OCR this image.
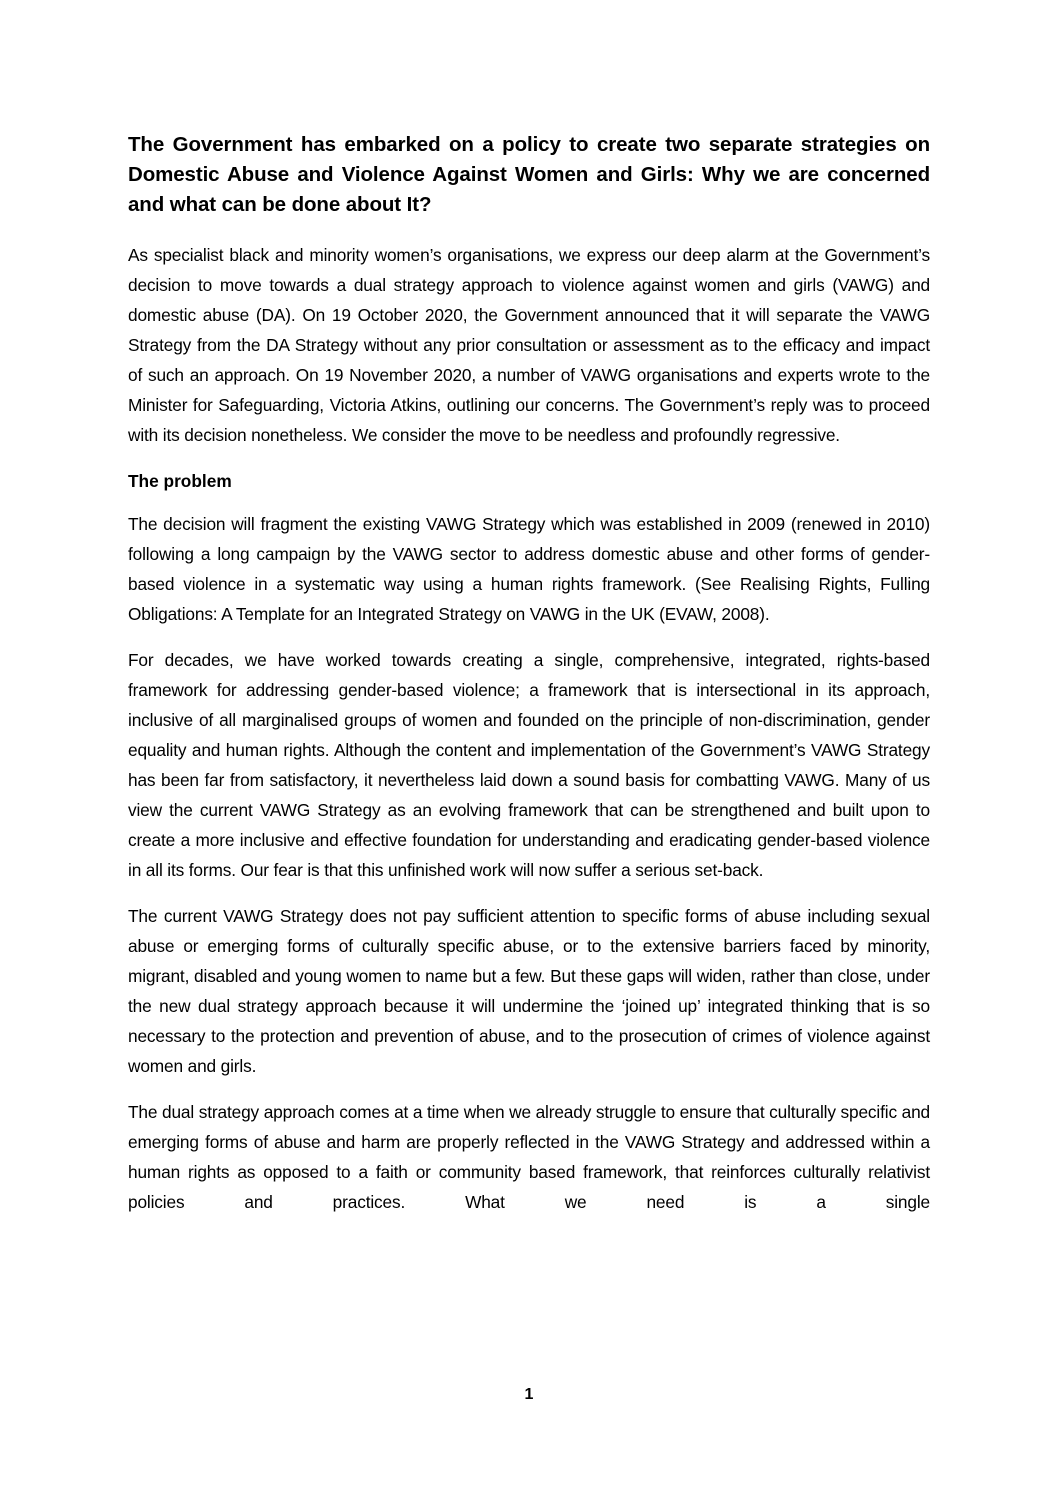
The Government has embarked on a policy to create two separate strategies on Domestic Abuse and Violence Against Women and Girls: Why we are concerned and what can be done about It?

As specialist black and minority women’s organisations, we express our deep alarm at the Government’s decision to move towards a dual strategy approach to violence against women and girls (VAWG) and domestic abuse (DA). On 19 October 2020, the Government announced that it will separate the VAWG Strategy from the DA Strategy without any prior consultation or assessment as to the efficacy and impact of such an approach. On 19 November 2020, a number of VAWG organisations and experts wrote to the Minister for Safeguarding, Victoria Atkins, outlining our concerns. The Government’s reply was to proceed with its decision nonetheless. We consider the move to be needless and profoundly regressive.

The problem

The decision will fragment the existing VAWG Strategy which was established in 2009 (renewed in 2010) following a long campaign by the VAWG sector to address domestic abuse and other forms of gender-based violence in a systematic way using a human rights framework. (See Realising Rights, Fulling Obligations: A Template for an Integrated Strategy on VAWG in the UK (EVAW, 2008).

For decades, we have worked towards creating a single, comprehensive, integrated, rights-based framework for addressing gender-based violence; a framework that is intersectional in its approach, inclusive of all marginalised groups of women and founded on the principle of non-discrimination, gender equality and human rights. Although the content and implementation of the Government’s VAWG Strategy has been far from satisfactory, it nevertheless laid down a sound basis for combatting VAWG. Many of us view the current VAWG Strategy as an evolving framework that can be strengthened and built upon to create a more inclusive and effective foundation for understanding and eradicating gender-based violence in all its forms. Our fear is that this unfinished work will now suffer a serious set-back.

The current VAWG Strategy does not pay sufficient attention to specific forms of abuse including sexual abuse or emerging forms of culturally specific abuse, or to the extensive barriers faced by minority, migrant, disabled and young women to name but a few. But these gaps will widen, rather than close, under the new dual strategy approach because it will undermine the ‘joined up’ integrated thinking that is so necessary to the protection and prevention of abuse, and to the prosecution of crimes of violence against women and girls.

The dual strategy approach comes at a time when we already struggle to ensure that culturally specific and emerging forms of abuse and harm are properly reflected in the VAWG Strategy and addressed within a human rights as opposed to a faith or community based framework, that reinforces culturally relativist policies and practices. What we need is a single

1
